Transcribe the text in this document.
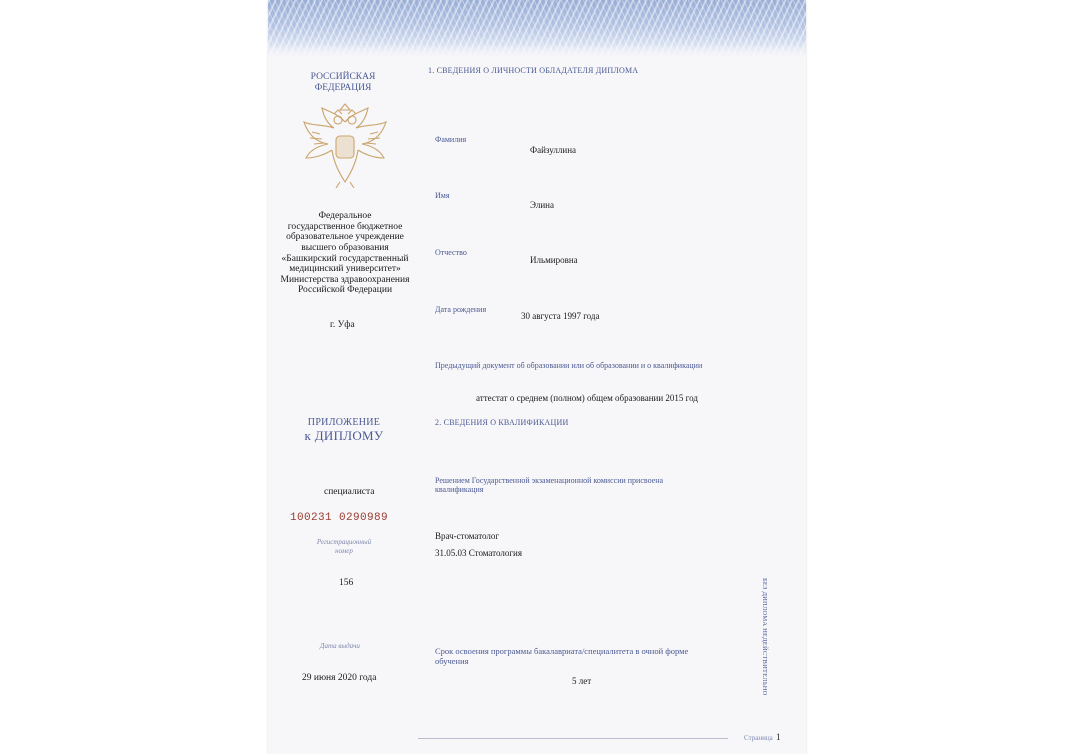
РОССИЙСКАЯ ФЕДЕРАЦИЯ

Федеральное
государственное бюджетное
образовательное учреждение
высшего образования
«Башкирский государственный
медицинский университет»
Министерства здравоохранения
Российской Федерации

г. Уфа

ПРИЛОЖЕНИЕ

к ДИПЛОМУ

специалиста

100231 0290989

Регистрационный номер

156

Дата выдачи

29 июня 2020 года

1. СВЕДЕНИЯ О ЛИЧНОСТИ ОБЛАДАТЕЛЯ ДИПЛОМА

Фамилия

Файзуллина

Имя

Элина

Отчество

Ильмировна

Дата рождения

30 августа 1997 года

Предыдущий документ об образовании или об образовании и о квалификации

аттестат о среднем (полном) общем образовании 2015 год

2. СВЕДЕНИЯ О КВАЛИФИКАЦИИ

Решением Государственной экзаменационной комиссии присвоена
квалификация

Врач-стоматолог

31.05.03 Стоматология

Срок освоения программы бакалавриата/специалитета в очной форме
обучения

5 лет	БЕЗ ДИПЛОМА НЕДЕЙСТВИТЕЛЬНО

Страница 1
